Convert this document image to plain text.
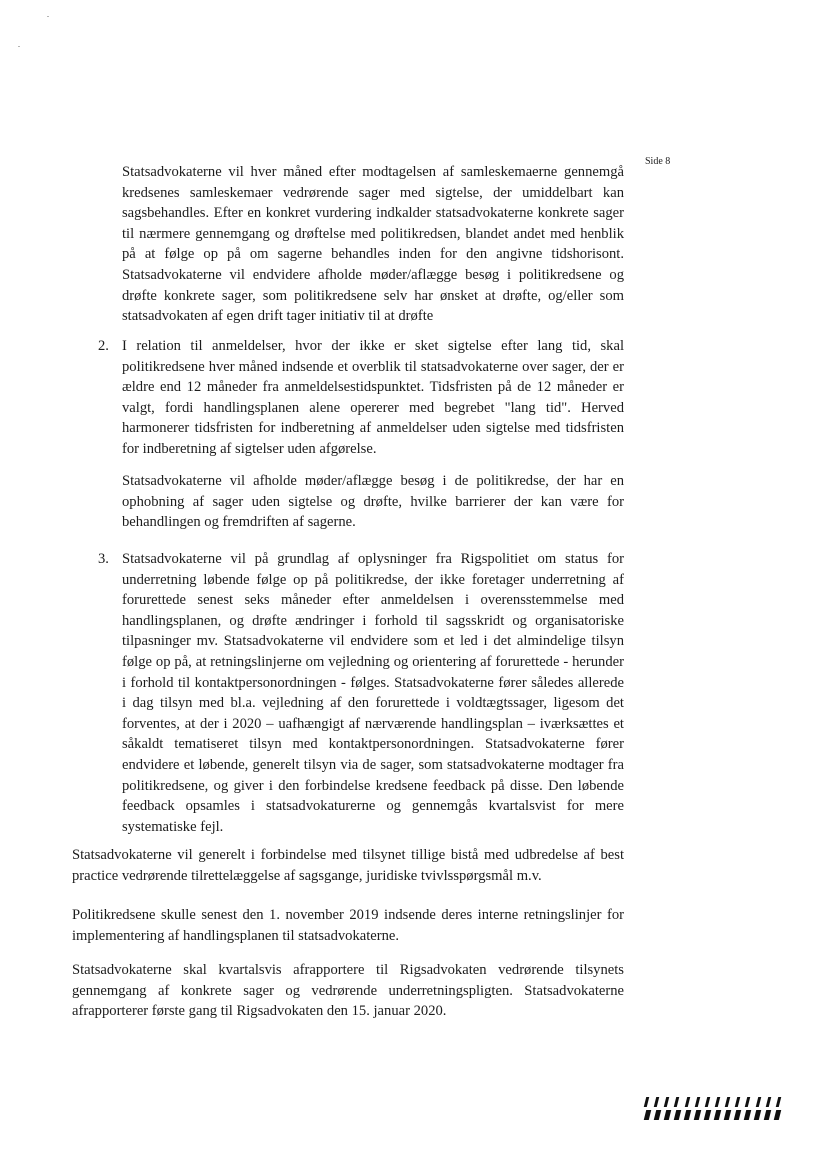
Side 8

Statsadvokaterne vil hver måned efter modtagelsen af samleskemaerne gennemgå kredsenes samleskemaer vedrørende sager med sigtelse, der umiddelbart kan sagsbehandles. Efter en konkret vurdering indkalder statsadvokaterne konkrete sager til nærmere gennemgang og drøftelse med politikredsen, blandet andet med henblik på at følge op på om sagerne behandles inden for den angivne tidshorisont. Statsadvokaterne vil endvidere afholde møder/aflægge besøg i politikredsene og drøfte konkrete sager, som politikredsene selv har ønsket at drøfte, og/eller som statsadvokaten af egen drift tager initiativ til at drøfte

2. I relation til anmeldelser, hvor der ikke er sket sigtelse efter lang tid, skal politikredsene hver måned indsende et overblik til statsadvokaterne over sager, der er ældre end 12 måneder fra anmeldelsestidspunktet. Tidsfristen på de 12 måneder er valgt, fordi handlingsplanen alene opererer med begrebet "lang tid". Herved harmonerer tidsfristen for indberetning af anmeldelser uden sigtelse med tidsfristen for indberetning af sigtelser uden afgørelse.

Statsadvokaterne vil afholde møder/aflægge besøg i de politikredse, der har en ophobning af sager uden sigtelse og drøfte, hvilke barrierer der kan være for behandlingen og fremdriften af sagerne.

3. Statsadvokaterne vil på grundlag af oplysninger fra Rigspolitiet om status for underretning løbende følge op på politikredse, der ikke foretager underretning af forurettede senest seks måneder efter anmeldelsen i overensstemmelse med handlingsplanen, og drøfte ændringer i forhold til sagsskridt og organisatoriske tilpasninger mv. Statsadvokaterne vil endvidere som et led i det almindelige tilsyn følge op på, at retningslinjerne om vejledning og orientering af forurettede - herunder i forhold til kontaktpersonordningen - følges. Statsadvokaterne fører således allerede i dag tilsyn med bl.a. vejledning af den forurettede i voldtægtssager, ligesom det forventes, at der i 2020 – uafhængigt af nærværende handlingsplan – iværksættes et såkaldt tematiseret tilsyn med kontaktpersonordningen. Statsadvokaterne fører endvidere et løbende, generelt tilsyn via de sager, som statsadvokaterne modtager fra politikredsene, og giver i den forbindelse kredsene feedback på disse. Den løbende feedback opsamles i statsadvokaturerne og gennemgås kvartalsvist for mere systematiske fejl.

Statsadvokaterne vil generelt i forbindelse med tilsynet tillige bistå med udbredelse af best practice vedrørende tilrettelæggelse af sagsgange, juridiske tvivlsspørgsmål m.v.

Politikredsene skulle senest den 1. november 2019 indsende deres interne retningslinjer for implementering af handlingsplanen til statsadvokaterne.

Statsadvokaterne skal kvartalsvis afrapportere til Rigsadvokaten vedrørende tilsynets gennemgang af konkrete sager og vedrørende underretningspligten. Statsadvokaterne afrapporterer første gang til Rigsadvokaten den 15. januar 2020.
